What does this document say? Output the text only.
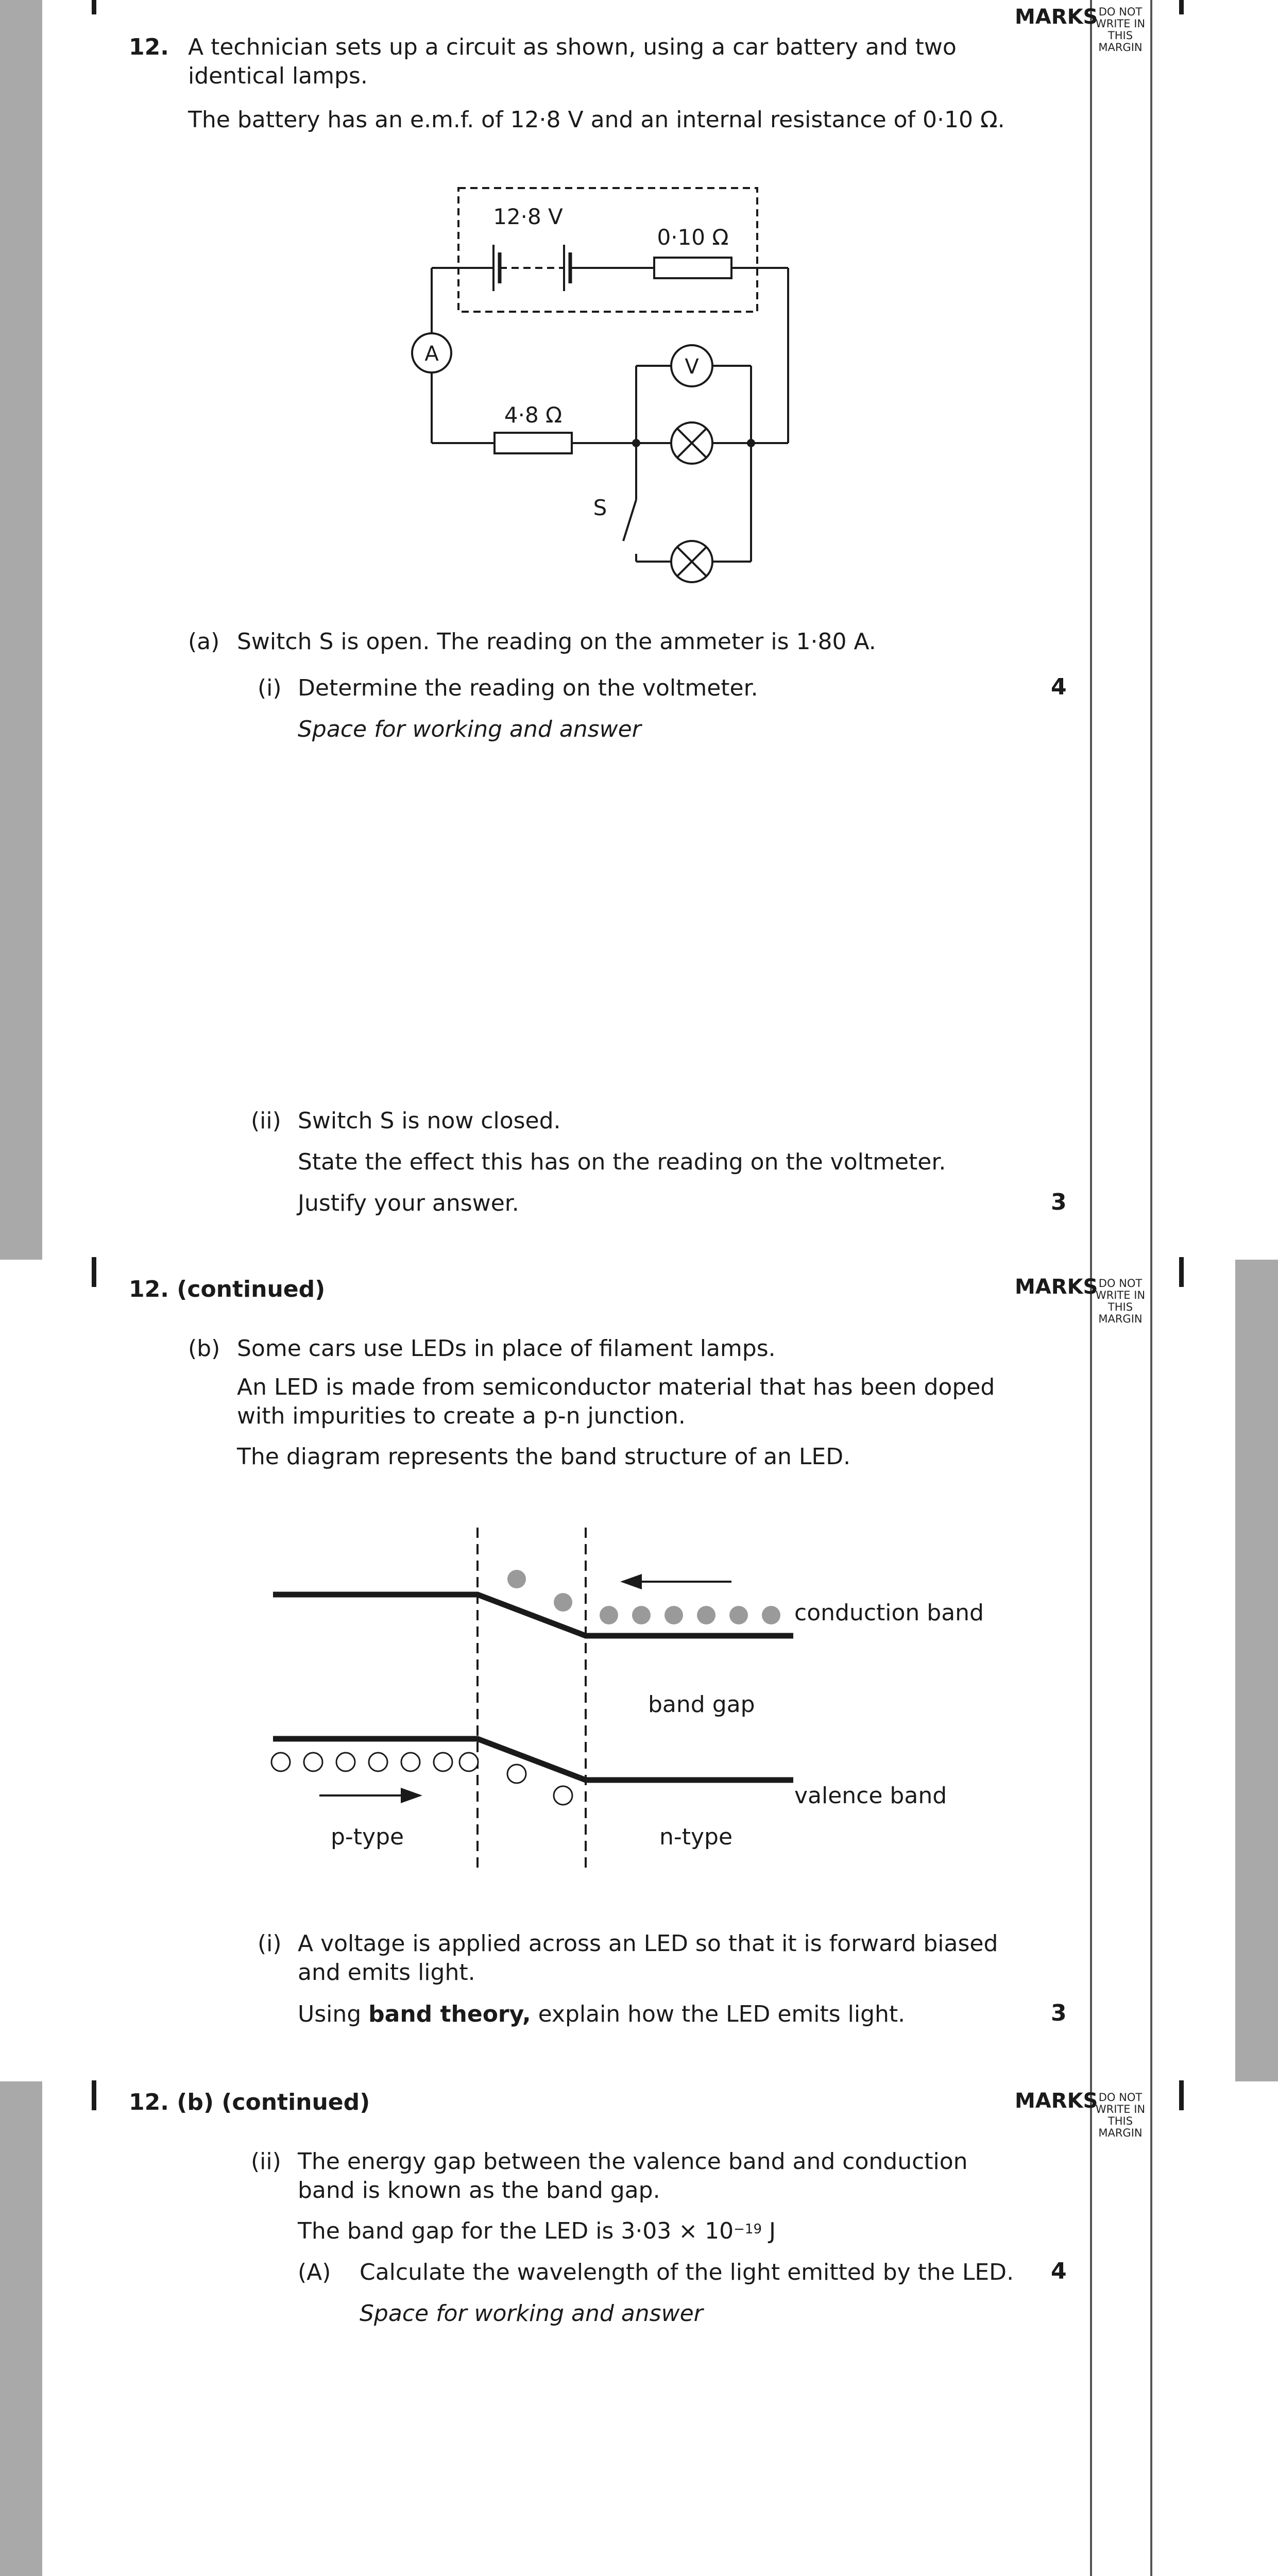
MARKS DO NOT
WRITE IN
THIS
MARGIN
MARKS DO NOT
WRITE IN
THIS
MARGIN
MARKS DO NOT
WRITE IN
THIS
MARGIN
12. A technician sets up a circuit as shown, using a car battery and two identical lamps.
The battery has an e.m.f. of 12·8 V and an internal resistance of 0·10 Ω.
12·8 V
0·10 Ω
A
V
4·8 Ω
S
(a) Switch S is open. The reading on the ammeter is 1·80 A.
(i) Determine the reading on the voltmeter.	4
Space for working and answer
(ii) Switch S is now closed.
State the effect this has on the reading on the voltmeter.
Justify your answer.	3
12. (continued)
(b) Some cars use LEDs in place of filament lamps.
An LED is made from semiconductor material that has been doped with impurities to create a p-n junction.
The diagram represents the band structure of an LED.
conduction band
band gap
valence band
p-type	n-type
(i) A voltage is applied across an LED so that it is forward biased and emits light.
Using band theory, explain how the LED emits light.	3
12. (b) (continued)
(ii) The energy gap between the valence band and conduction band is known as the band gap.
The band gap for the LED is $3\cdot 03 \times 10^{-19}$ J
(A) Calculate the wavelength of the light emitted by the LED. 4
Space for working and answer
